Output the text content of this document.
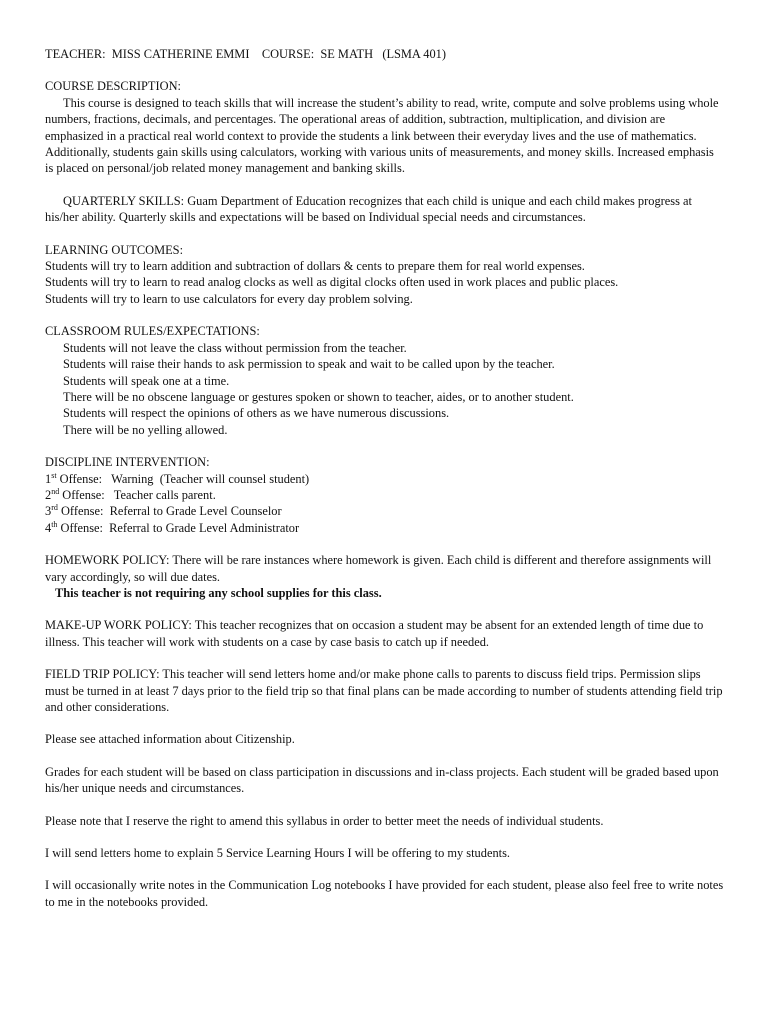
TEACHER:  MISS CATHERINE EMMI    COURSE:  SE MATH   (LSMA 401)
COURSE DESCRIPTION:
This course is designed to teach skills that will increase the student’s ability to read, write, compute and solve problems using whole numbers, fractions, decimals, and percentages. The operational areas of addition, subtraction, multiplication, and division are emphasized in a practical real world context to provide the students a link between their everyday lives and the use of mathematics. Additionally, students gain skills using calculators, working with various units of measurements, and money skills. Increased emphasis is placed on personal/job related money management and banking skills.
QUARTERLY SKILLS: Guam Department of Education recognizes that each child is unique and each child makes progress at his/her ability. Quarterly skills and expectations will be based on Individual special needs and circumstances.
LEARNING OUTCOMES:
Students will try to learn addition and subtraction of dollars & cents to prepare them for real world expenses.
Students will try to learn to read analog clocks as well as digital clocks often used in work places and public places.
Students will try to learn to use calculators for every day problem solving.
CLASSROOM RULES/EXPECTATIONS:
Students will not leave the class without permission from the teacher.
Students will raise their hands to ask permission to speak and wait to be called upon by the teacher.
Students will speak one at a time.
There will be no obscene language or gestures spoken or shown to teacher, aides, or to another student.
Students will respect the opinions of others as we have numerous discussions.
There will be no yelling allowed.
DISCIPLINE INTERVENTION:
1st Offense:   Warning  (Teacher will counsel student)
2nd Offense:   Teacher calls parent.
3rd Offense:  Referral to Grade Level Counselor
4th Offense:  Referral to Grade Level Administrator
HOMEWORK POLICY: There will be rare instances where homework is given. Each child is different and therefore assignments will vary accordingly, so will due dates.
This teacher is not requiring any school supplies for this class.
MAKE-UP WORK POLICY: This teacher recognizes that on occasion a student may be absent for an extended length of time due to illness. This teacher will work with students on a case by case basis to catch up if needed.
FIELD TRIP POLICY: This teacher will send letters home and/or make phone calls to parents to discuss field trips. Permission slips must be turned in at least 7 days prior to the field trip so that final plans can be made according to number of students attending field trip and other considerations.
Please see attached information about Citizenship.
Grades for each student will be based on class participation in discussions and in-class projects. Each student will be graded based upon his/her unique needs and circumstances.
Please note that I reserve the right to amend this syllabus in order to better meet the needs of individual students.
I will send letters home to explain 5 Service Learning Hours I will be offering to my students.
I will occasionally write notes in the Communication Log notebooks I have provided for each student, please also feel free to write notes to me in the notebooks provided.
